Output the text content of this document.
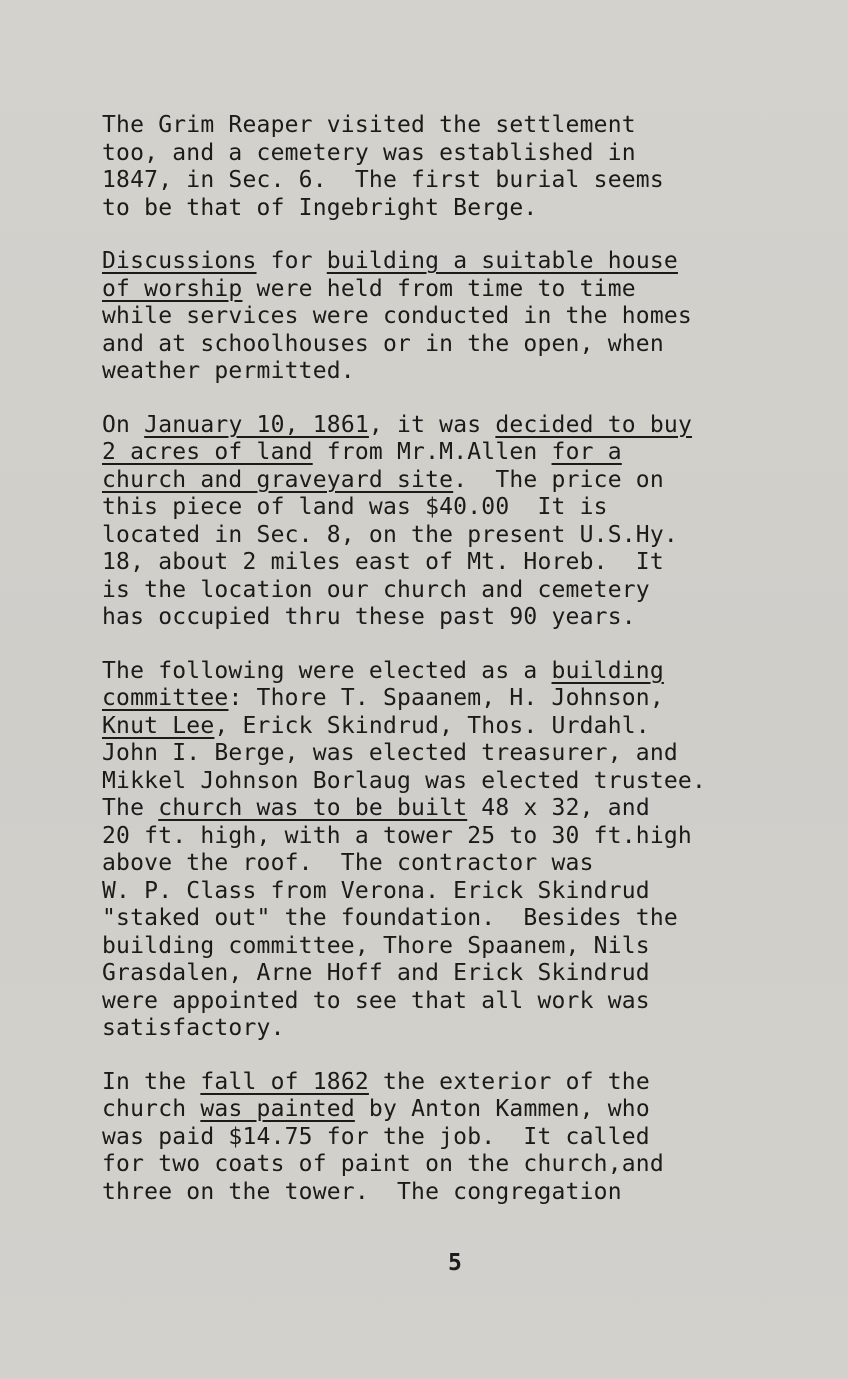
The Grim Reaper visited the settlement
too, and a cemetery was established in
1847, in Sec. 6.  The first burial seems
to be that of Ingebright Berge.
Discussions for building a suitable house
of worship were held from time to time
while services were conducted in the homes
and at schoolhouses or in the open, when
weather permitted.
On January 10, 1861, it was decided to buy
2 acres of land from Mr.M.Allen for a
church and graveyard site.  The price on
this piece of land was $40.00  It is
located in Sec. 8, on the present U.S.Hy.
18, about 2 miles east of Mt. Horeb.  It
is the location our church and cemetery
has occupied thru these past 90 years.
The following were elected as a building
committee: Thore T. Spaanem, H. Johnson,
Knut Lee, Erick Skindrud, Thos. Urdahl.
John I. Berge, was elected treasurer, and
Mikkel Johnson Borlaug was elected trustee.
The church was to be built 48 x 32, and
20 ft. high, with a tower 25 to 30 ft.high
above the roof.  The contractor was
W. P. Class from Verona. Erick Skindrud
"staked out" the foundation.  Besides the
building committee, Thore Spaanem, Nils
Grasdalen, Arne Hoff and Erick Skindrud
were appointed to see that all work was
satisfactory.
In the fall of 1862 the exterior of the
church was painted by Anton Kammen, who
was paid $14.75 for the job.  It called
for two coats of paint on the church,and
three on the tower.  The congregation
5
